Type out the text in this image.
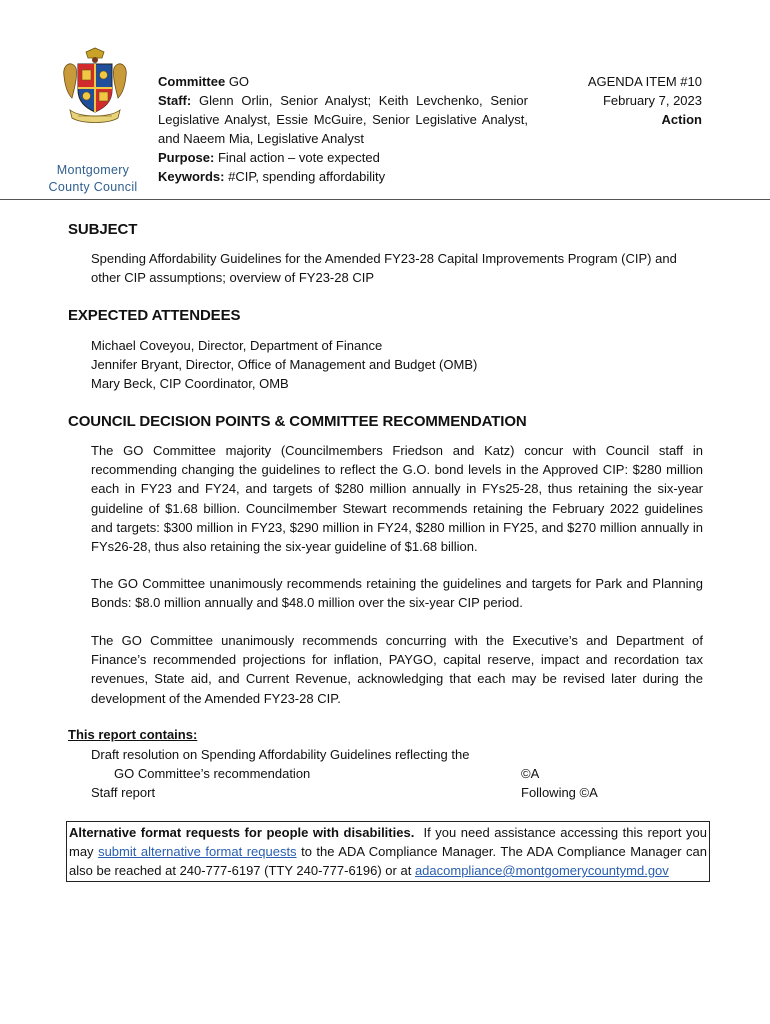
Montgomery
County Council

Committee GO

Staff: Glenn Orlin, Senior Analyst; Keith Levchenko, Senior Legislative Analyst, Essie McGuire, Senior Legislative Analyst, and Naeem Mia, Legislative Analyst

Purpose: Final action – vote expected

Keywords: #CIP, spending affordability

AGENDA ITEM #10
February 7, 2023
Action
SUBJECT

Spending Affordability Guidelines for the Amended FY23-28 Capital Improvements Program (CIP) and other CIP assumptions; overview of FY23-28 CIP

EXPECTED ATTENDEES

Michael Coveyou, Director, Department of Finance

Jennifer Bryant, Director, Office of Management and Budget (OMB)

Mary Beck, CIP Coordinator, OMB

COUNCIL DECISION POINTS & COMMITTEE RECOMMENDATION

The GO Committee majority (Councilmembers Friedson and Katz) concur with Council staff in recommending changing the guidelines to reflect the G.O. bond levels in the Approved CIP: $280 million each in FY23 and FY24, and targets of $280 million annually in FYs25-28, thus retaining the six-year guideline of $1.68 billion. Councilmember Stewart recommends retaining the February 2022 guidelines and targets: $300 million in FY23, $290 million in FY24, $280 million in FY25, and $270 million annually in FYs26-28, thus also retaining the six-year guideline of $1.68 billion.

The GO Committee unanimously recommends retaining the guidelines and targets for Park and Planning Bonds: $8.0 million annually and $48.0 million over the six-year CIP period.

The GO Committee unanimously recommends concurring with the Executive’s and Department of Finance’s recommended projections for inflation, PAYGO, capital reserve, impact and recordation tax revenues, State aid, and Current Revenue, acknowledging that each may be revised later during the development of the Amended FY23-28 CIP.

This report contains:
Draft resolution on Spending Affordability Guidelines reflecting the
GO Committee’s recommendation	©A
Staff report	Following ©A
Alternative format requests for people with disabilities. If you need assistance accessing this report you may submit alternative format requests to the ADA Compliance Manager. The ADA Compliance Manager can also be reached at 240-777-6197 (TTY 240-777-6196) or at adacompliance@montgomerycountymd.gov
